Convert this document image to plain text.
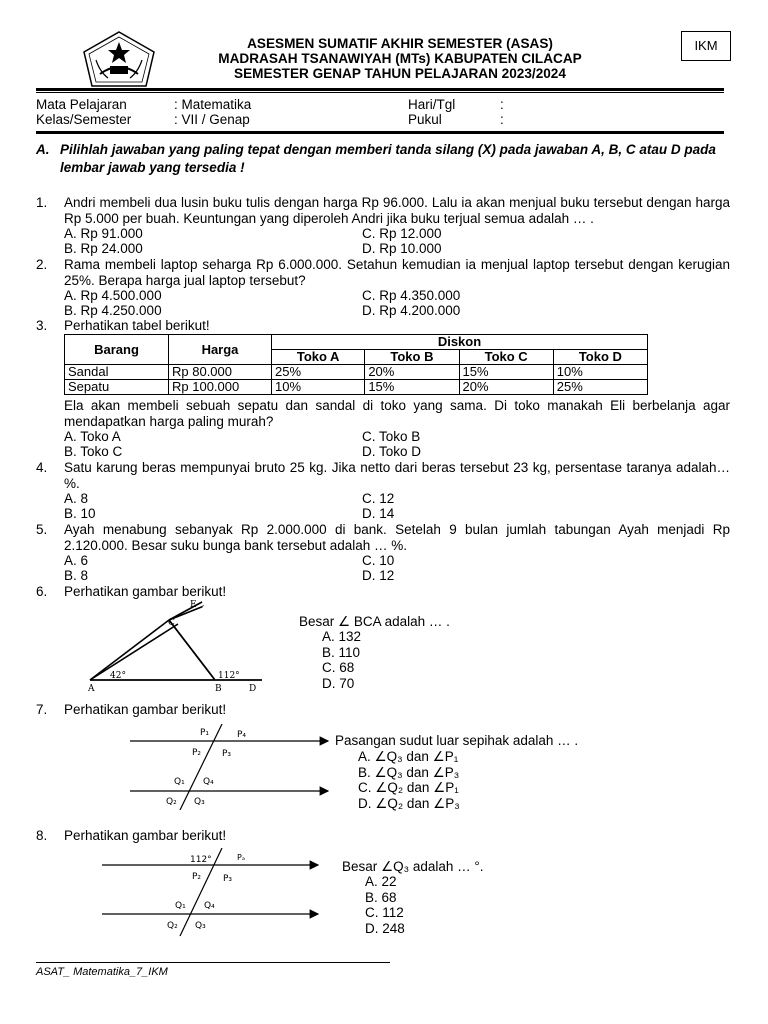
ASESMEN SUMATIF AKHIR SEMESTER (ASAS)
MADRASAH TSANAWIYAH (MTs) KABUPATEN CILACAP
SEMESTER GENAP TAHUN PELAJARAN 2023/2024
IKM
Mata Pelajaran	: Matematika	Hari/Tgl	:
Kelas/Semester	: VII / Genap	Pukul	:
A. Pilihlah jawaban yang paling tepat dengan memberi tanda silang (X) pada jawaban A, B, C atau D pada lembar jawab yang tersedia !
1. Andri membeli dua lusin buku tulis dengan harga Rp 96.000. Lalu ia akan menjual buku tersebut dengan harga Rp 5.000 per buah. Keuntungan yang diperoleh Andri jika buku terjual semua adalah … .
A. Rp 91.000	C. Rp 12.000
B. Rp 24.000	D. Rp 10.000
2. Rama membeli laptop seharga Rp 6.000.000. Setahun kemudian ia menjual laptop tersebut dengan kerugian 25%. Berapa harga jual laptop tersebut?
A. Rp 4.500.000	C. Rp 4.350.000
B. Rp 4.250.000	D. Rp 4.200.000
3. Perhatikan tabel berikut!
Barang	Harga	Diskon			
		Toko A	Toko B	Toko C	Toko D
Sandal	Rp 80.000	25%	20%	15%	10%
Sepatu	Rp 100.000	10%	15%	20%	25%
Ela akan membeli sebuah sepatu dan sandal di toko yang sama. Di toko manakah Eli berbelanja agar mendapatkan harga paling murah?
A. Toko A	C. Toko B
B. Toko C	D. Toko D
4. Satu karung beras mempunyai bruto 25 kg. Jika netto dari beras tersebut 23 kg, persentase taranya adalah… %.
A. 8	C. 12
B. 10	D. 14
5. Ayah menabung sebanyak Rp 2.000.000 di bank. Setelah 9 bulan jumlah tabungan Ayah menjadi Rp 2.120.000. Besar suku bunga bank tersebut adalah … %.
A. 6	C. 10
B. 8	D. 12
6. Perhatikan gambar berikut!
E
C
A	B	D
42°	112°
Besar ∠ BCA adalah … .
A. 132
B. 110
C. 68
D. 70
7. Perhatikan gambar berikut!
P₁	P₄
P₂ P₃
Q₁ Q₄
Q₂ Q₃
Pasangan sudut luar sepihak adalah … .
A. ∠Q₃ dan ∠P₁
B. ∠Q₃ dan ∠P₃
C. ∠Q₂ dan ∠P₁
D. ∠Q₂ dan ∠P₃
8. Perhatikan gambar berikut!
112°	Pₐ
P₂ P₃
Q₁ Q₄
Q₂ Q₃
Besar ∠Q₃ adalah … °.
A. 22
B. 68
C. 112
D. 248
ASAT_ Matematika_7_IKM
